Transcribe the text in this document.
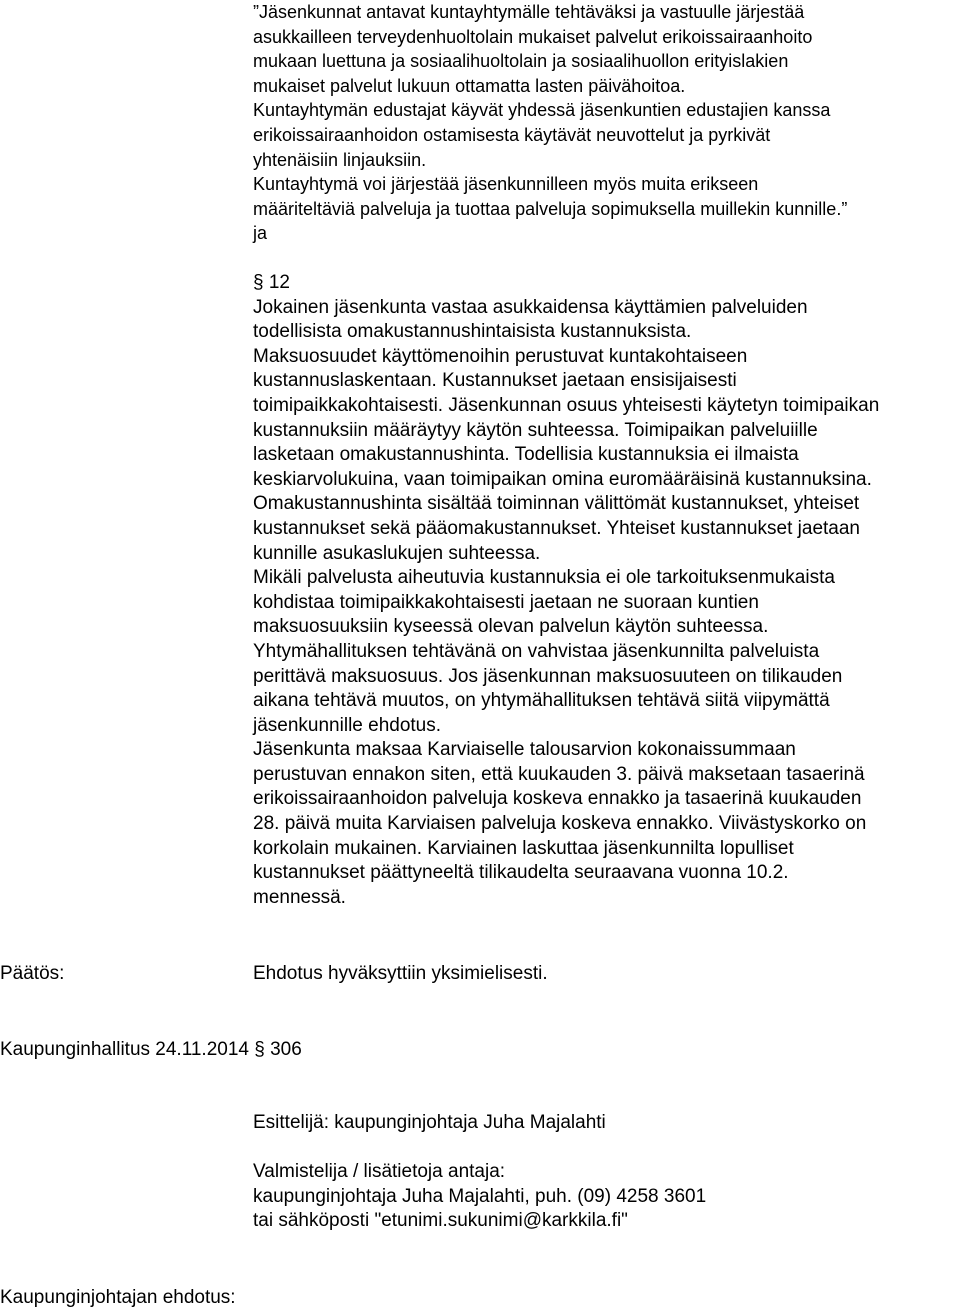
”Jäsenkunnat antavat kuntayhtymälle tehtäväksi ja vastuulle järjestää
asukkailleen terveydenhuoltolain mukaiset palvelut erikoissairaanhoito
mukaan luettuna ja sosiaalihuoltolain ja sosiaalihuollon erityislakien
mukaiset palvelut lukuun ottamatta lasten päivähoitoa.
Kuntayhtymän edustajat käyvät yhdessä jäsenkuntien edustajien kanssa
erikoissairaanhoidon ostamisesta käytävät neuvottelut ja pyrkivät
yhtenäisiin linjauksiin.
Kuntayhtymä voi järjestää jäsenkunnilleen myös muita erikseen
määriteltäviä palveluja ja tuottaa palveluja sopimuksella muillekin kunnille.”
ja
§ 12
Jokainen jäsenkunta vastaa asukkaidensa käyttämien palveluiden
todellisista omakustannushintaisista kustannuksista.
Maksuosuudet käyttömenoihin perustuvat kuntakohtaiseen
kustannuslaskentaan. Kustannukset jaetaan ensisijaisesti
toimipaikkakohtaisesti. Jäsenkunnan osuus yhteisesti käytetyn toimipaikan
kustannuksiin määräytyy käytön suhteessa. Toimipaikan palveluiille
lasketaan omakustannushinta. Todellisia kustannuksia ei ilmaista
keskiarvolukuina, vaan toimipaikan omina euromääräisinä kustannuksina.
Omakustannushinta sisältää toiminnan välittömät kustannukset, yhteiset
kustannukset sekä pääomakustannukset. Yhteiset kustannukset jaetaan
kunnille asukaslukujen suhteessa.
Mikäli palvelusta aiheutuvia kustannuksia ei ole tarkoituksenmukaista
kohdistaa toimipaikkakohtaisesti jaetaan ne suoraan kuntien
maksuosuuksiin kyseessä olevan palvelun käytön suhteessa.
Yhtymähallituksen tehtävänä on vahvistaa jäsenkunnilta palveluista
perittävä maksuosuus. Jos jäsenkunnan maksuosuuteen on tilikauden
aikana tehtävä muutos, on yhtymähallituksen tehtävä siitä viipymättä
jäsenkunnille ehdotus.
Jäsenkunta maksaa Karviaiselle talousarvion kokonaissummaan
perustuvan ennakon siten, että kuukauden 3. päivä maksetaan tasaerinä
erikoissairaanhoidon palveluja koskeva ennakko ja tasaerinä kuukauden
28. päivä muita Karviaisen palveluja koskeva ennakko. Viivästyskorko on
korkolain mukainen. Karviainen laskuttaa jäsenkunnilta lopulliset
kustannukset päättyneeltä tilikaudelta seuraavana vuonna 10.2.
mennessä.
Päätös:	Ehdotus hyväksyttiin yksimielisesti.
Kaupunginhallitus 24.11.2014 § 306
Esittelijä: kaupunginjohtaja Juha Majalahti
Valmistelija / lisätietoja antaja:
kaupunginjohtaja Juha Majalahti, puh. (09) 4258 3601
tai sähköposti "etunimi.sukunimi@karkkila.fi"
Kaupunginjohtajan ehdotus:
